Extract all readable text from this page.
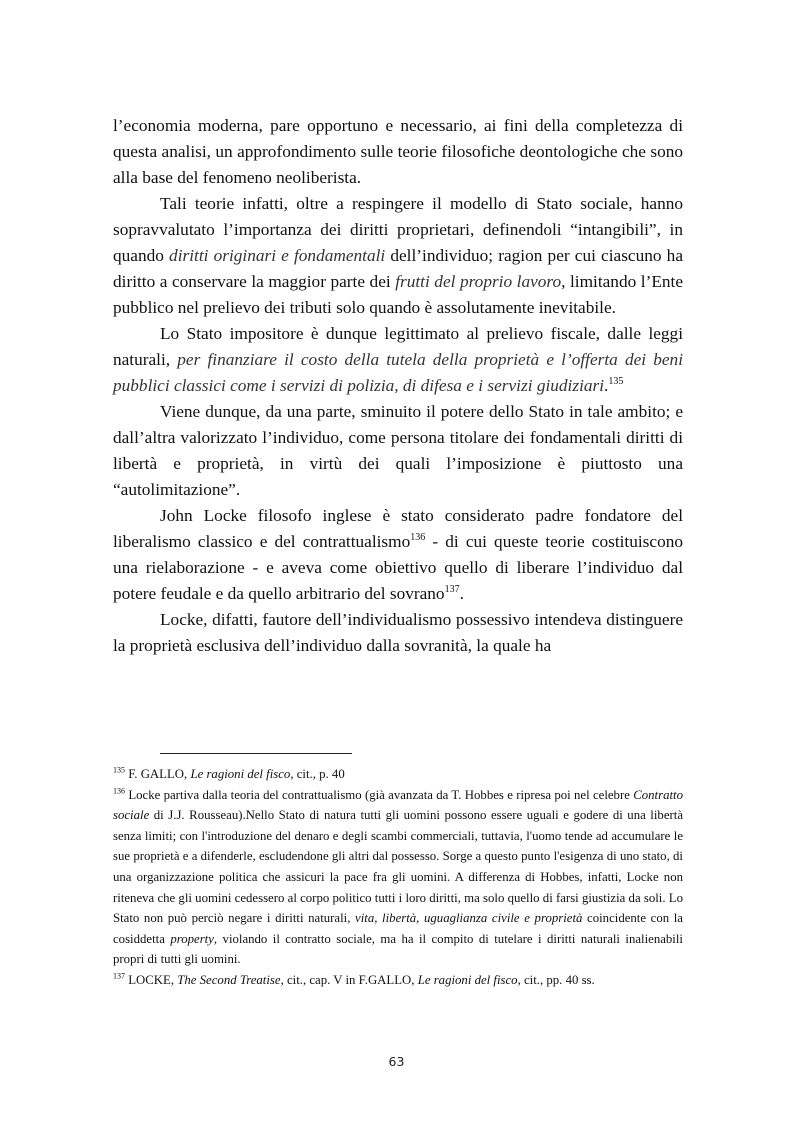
l’economia moderna, pare opportuno e necessario, ai fini della completezza di questa analisi, un approfondimento sulle teorie filosofiche deontologiche che sono alla base del fenomeno neoliberista.

Tali teorie infatti, oltre a respingere il modello di Stato sociale, hanno sopravvalutato l’importanza dei diritti proprietari, definendoli “intangibili”, in quando diritti originari e fondamentali dell’individuo; ragion per cui ciascuno ha diritto a conservare la maggior parte dei frutti del proprio lavoro, limitando l’Ente pubblico nel prelievo dei tributi solo quando è assolutamente inevitabile.

Lo Stato impositore è dunque legittimato al prelievo fiscale, dalle leggi naturali, per finanziare il costo della tutela della proprietà e l’offerta dei beni pubblici classici come i servizi di polizia, di difesa e i servizi giudiziari.$^{135}$

Viene dunque, da una parte, sminuito il potere dello Stato in tale ambito; e dall’altra valorizzato l’individuo, come persona titolare dei fondamentali diritti di libertà e proprietà, in virtù dei quali l’imposizione è piuttosto una “autolimitazione”.

John Locke filosofo inglese è stato considerato padre fondatore del liberalismo classico e del contrattualismo$^{136}$ - di cui queste teorie costituiscono una rielaborazione - e aveva come obiettivo quello di liberare l’individuo dal potere feudale e da quello arbitrario del sovrano$^{137}$.

Locke, difatti, fautore dell’individualismo possessivo intendeva distinguere la proprietà esclusiva dell’individuo dalla sovranità, la quale ha

$^{135}$ F. GALLO, Le ragioni del fisco, cit., p. 40

$^{136}$ Locke partiva dalla teoria del contrattualismo (già avanzata da T. Hobbes e ripresa poi nel celebre Contratto sociale di J.J. Rousseau).Nello Stato di natura tutti gli uomini possono essere uguali e godere di una libertà senza limiti; con l'introduzione del denaro e degli scambi commerciali, tuttavia, l'uomo tende ad accumulare le sue proprietà e a difenderle, escludendone gli altri dal possesso. Sorge a questo punto l'esigenza di uno stato, di una organizzazione politica che assicuri la pace fra gli uomini. A differenza di Hobbes, infatti, Locke non riteneva che gli uomini cedessero al corpo politico tutti i loro diritti, ma solo quello di farsi giustizia da soli. Lo Stato non può perciò negare i diritti naturali, vita, libertà, uguaglianza civile e proprietà coincidente con la cosiddetta property, violando il contratto sociale, ma ha il compito di tutelare i diritti naturali inalienabili propri di tutti gli uomini.

$^{137}$ LOCKE, The Second Treatise, cit., cap. V in F.GALLO, Le ragioni del fisco, cit., pp. 40 ss.

63
